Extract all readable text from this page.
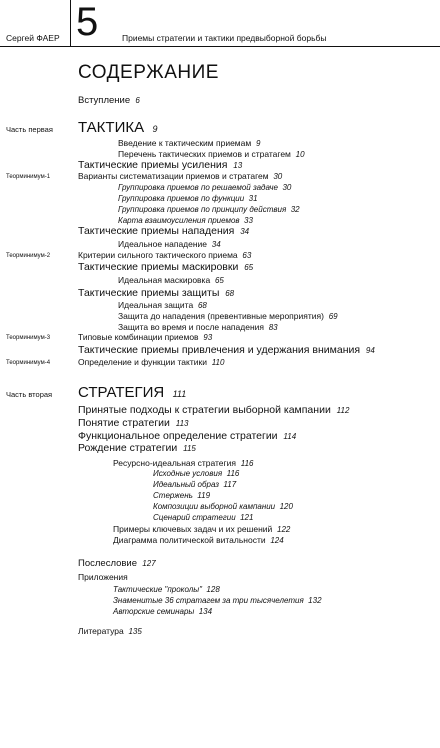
Сергей ФАЕР 5	Приемы стратегии и тактики предвыборной борьбы
СОДЕРЖАНИЕ
Вступление 6
Часть первая ТАКТИКА 9
Введение к тактическим приемам 9
Перечень тактических приемов и стратагем 10
Тактические приемы усиления 13
Теорминимум-1	Варианты систематизации приемов и стратагем 30
Группировка приемов по решаемой задаче 30
Группировка приемов по функции 31
Группировка приемов по принципу действия 32
Карта взаимоусиления приемов 33
Тактические приемы нападения 34
Идеальное нападение 34
Теорминимум-2	Критерии сильного тактического приема 63
Тактические приемы маскировки 65
Идеальная маскировка 65
Тактические приемы защиты 68
Идеальная защита 68
Защита до нападения (превентивные мероприятия) 69
Защита во время и после нападения 83
Теорминимум-3	Типовые комбинации приемов 93
Тактические приемы привлечения и удержания внимания 94
Теорминимум-4	Определение и функции тактики 110
Часть вторая СТРАТЕГИЯ 111
Принятые подходы к стратегии выборной кампании 112
Понятие стратегии 113
Функциональное определение стратегии 114
Рождение стратегии 115
Ресурсно-идеальная стратегия 116
Исходные условия 116
Идеальный образ 117
Стержень 119
Композиции выборной кампании 120
Сценарий стратегии 121
Примеры ключевых задач и их решений 122
Диаграмма политической витальности 124
Послесловие 127
Приложения
Тактические "проколы" 128
Знаменитые 36 стратагем за три тысячелетия 132
Авторские семинары 134
Литература 135
